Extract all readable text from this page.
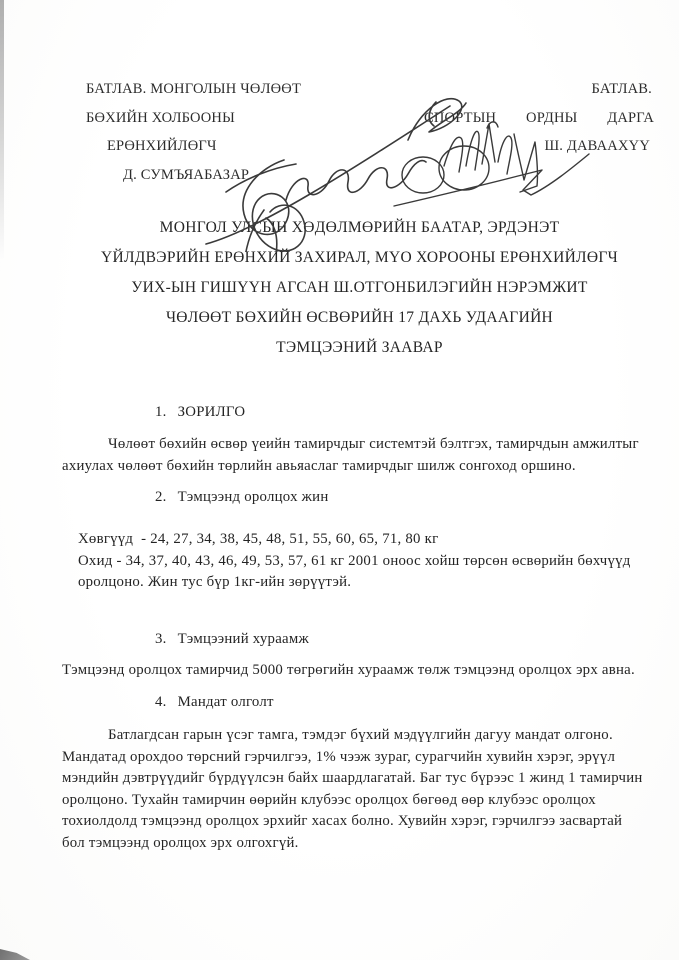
БАТЛАВ. МОНГОЛЫН ЧӨЛӨӨТ
БӨХИЙН ХОЛБООНЫ
ЕРӨНХИЙЛӨГЧ
Д. СУМЪЯАБАЗАР
БАТЛАВ.
СПОРТЫН ОРДНЫ ДАРГА
Ш. ДАВААХҮҮ
МОНГОЛ УЛСЫН ХӨДӨЛМӨРИЙН БААТАР, ЭРДЭНЭТ
ҮЙЛДВЭРИЙН ЕРӨНХИЙ ЗАХИРАЛ, МҮО ХОРООНЫ ЕРӨНХИЙЛӨГЧ
УИХ-ЫН ГИШҮҮН АГСАН Ш.ОТГОНБИЛЭГИЙН НЭРЭМЖИТ
ЧӨЛӨӨТ БӨХИЙН ӨСВӨРИЙН 17 ДАХЬ УДААГИЙН
ТЭМЦЭЭНИЙ ЗААВАР
1. ЗОРИЛГО
Чөлөөт бөхийн өсвөр үеийн тамирчдыг системтэй бэлтгэх, тамирчдын амжилтыг
ахиулах чөлөөт бөхийн төрлийн авьяаслаг тамирчдыг шилж сонгоход оршино.
2. Тэмцээнд оролцох жин
Хөвгүүд  - 24, 27, 34, 38, 45, 48, 51, 55, 60, 65, 71, 80 кг
Охид - 34, 37, 40, 43, 46, 49, 53, 57, 61 кг 2001 оноос хойш төрсөн өсвөрийн бөхчүүд
оролцоно. Жин тус бүр 1кг-ийн зөрүүтэй.
3. Тэмцээний хураамж
Тэмцээнд оролцох тамирчид 5000 төгрөгийн хураамж төлж тэмцээнд оролцох эрх авна.
4. Мандат олголт
Батлагдсан гарын үсэг тамга, тэмдэг бүхий мэдүүлгийн дагуу мандат олгоно.
Мандатад орохдоо төрсний гэрчилгээ, 1% чээж зураг, сурагчийн хувийн хэрэг, эрүүл
мэндийн дэвтрүүдийг бүрдүүлсэн байх шаардлагатай. Баг тус бүрээс 1 жинд 1 тамирчин
оролцоно. Тухайн тамирчин өөрийн клубээс оролцох бөгөөд өөр клубээс оролцох
тохиолдолд тэмцээнд оролцох эрхийг хасах болно. Хувийн хэрэг, гэрчилгээ засвартай
бол тэмцээнд оролцох эрх олгохгүй.
